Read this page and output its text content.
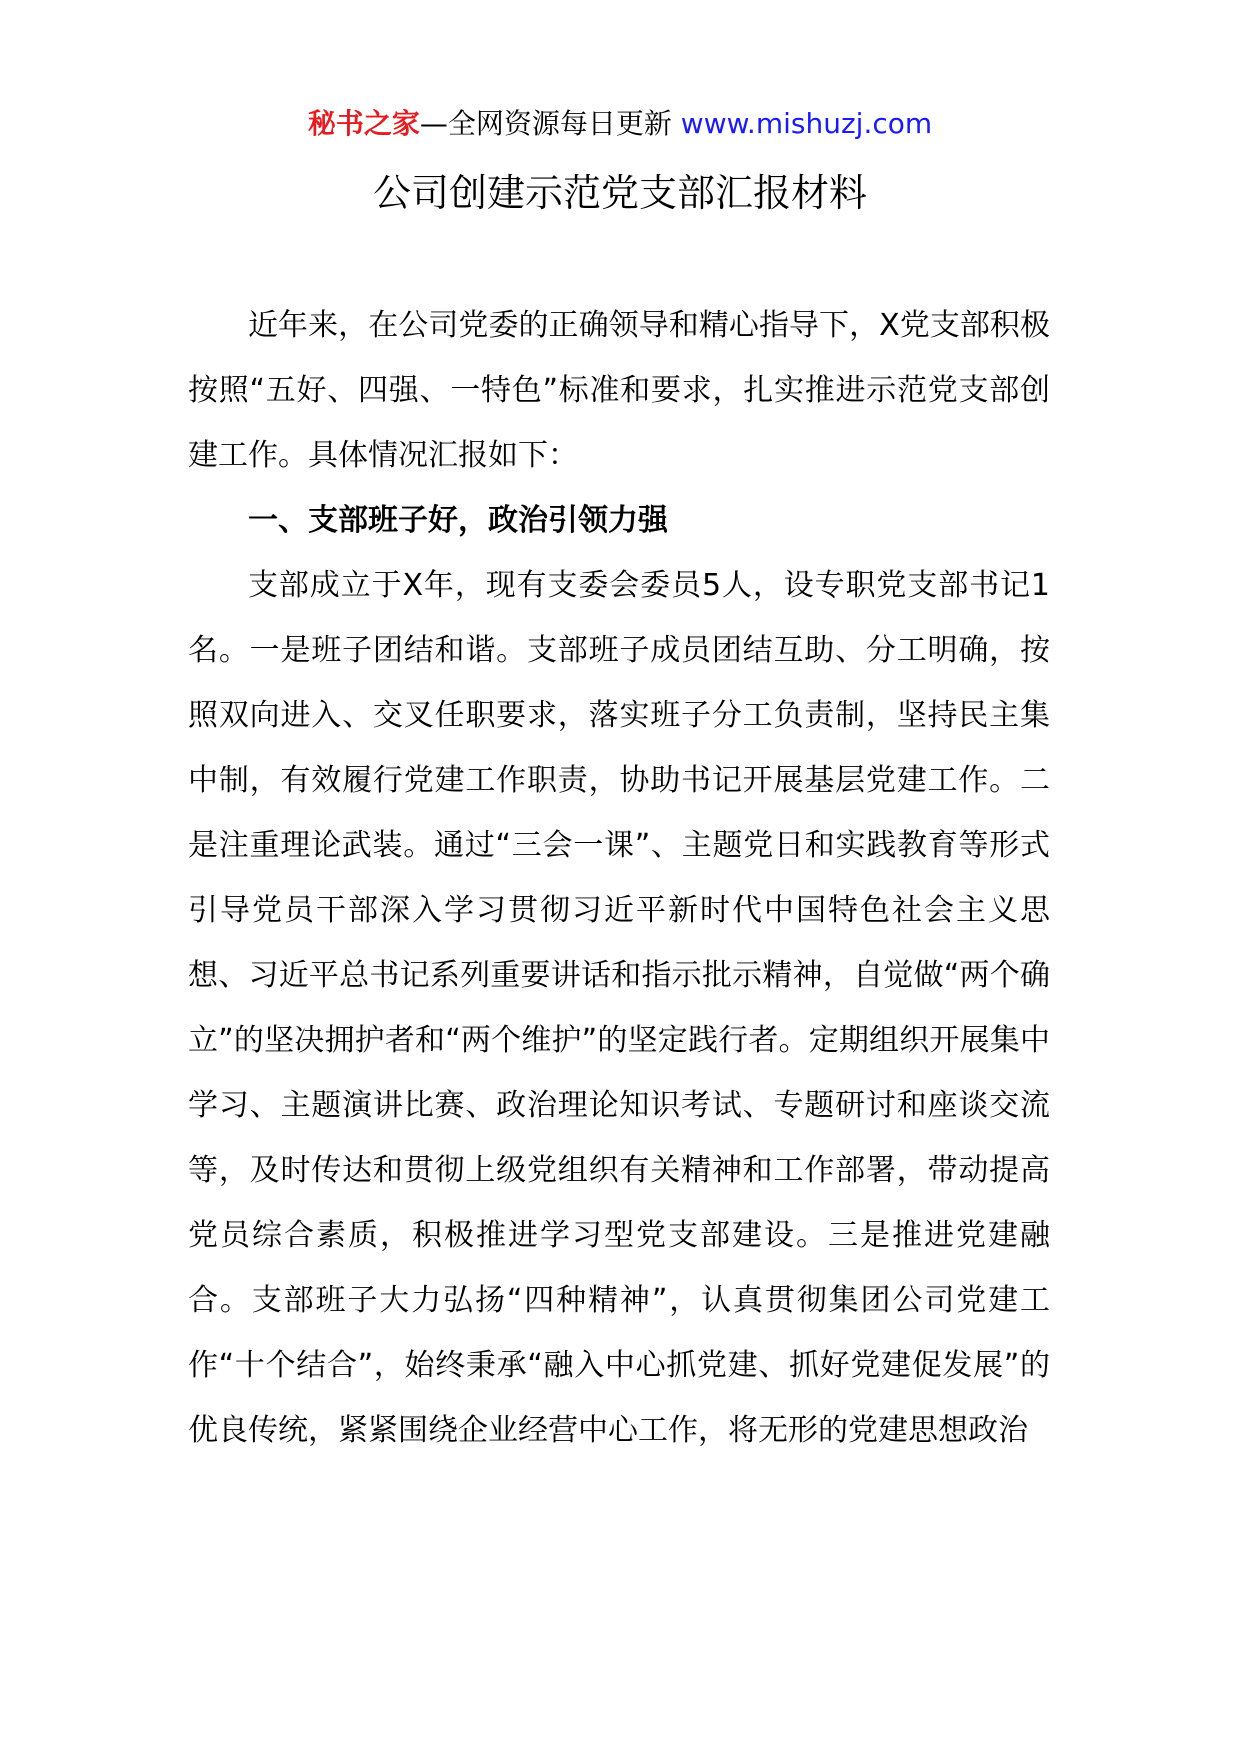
秘书之家—全网资源每日更新 www.mishuzj.com
公司创建示范党支部汇报材料

近年来，在公司党委的正确领导和精心指导下，X党支部积极按照“五好、四强、一特色”标准和要求，扎实推进示范党支部创建工作。具体情况汇报如下：

一、支部班子好，政治引领力强

支部成立于X年，现有支委会委员5人，设专职党支部书记1名。一是班子团结和谐。支部班子成员团结互助、分工明确，按照双向进入、交叉任职要求，落实班子分工负责制，坚持民主集中制，有效履行党建工作职责，协助书记开展基层党建工作。二是注重理论武装。通过“三会一课”、主题党日和实践教育等形式引导党员干部深入学习贯彻习近平新时代中国特色社会主义思想、习近平总书记系列重要讲话和指示批示精神，自觉做“两个确立”的坚决拥护者和“两个维护”的坚定践行者。定期组织开展集中学习、主题演讲比赛、政治理论知识考试、专题研讨和座谈交流等，及时传达和贯彻上级党组织有关精神和工作部署，带动提高党员综合素质，积极推进学习型党支部建设。三是推进党建融合。支部班子大力弘扬“四种精神”，认真贯彻集团公司党建工作“十个结合”，始终秉承“融入中心抓党建、抓好党建促发展”的优良传统，紧紧围绕企业经营中心工作，将无形的党建思想政治
